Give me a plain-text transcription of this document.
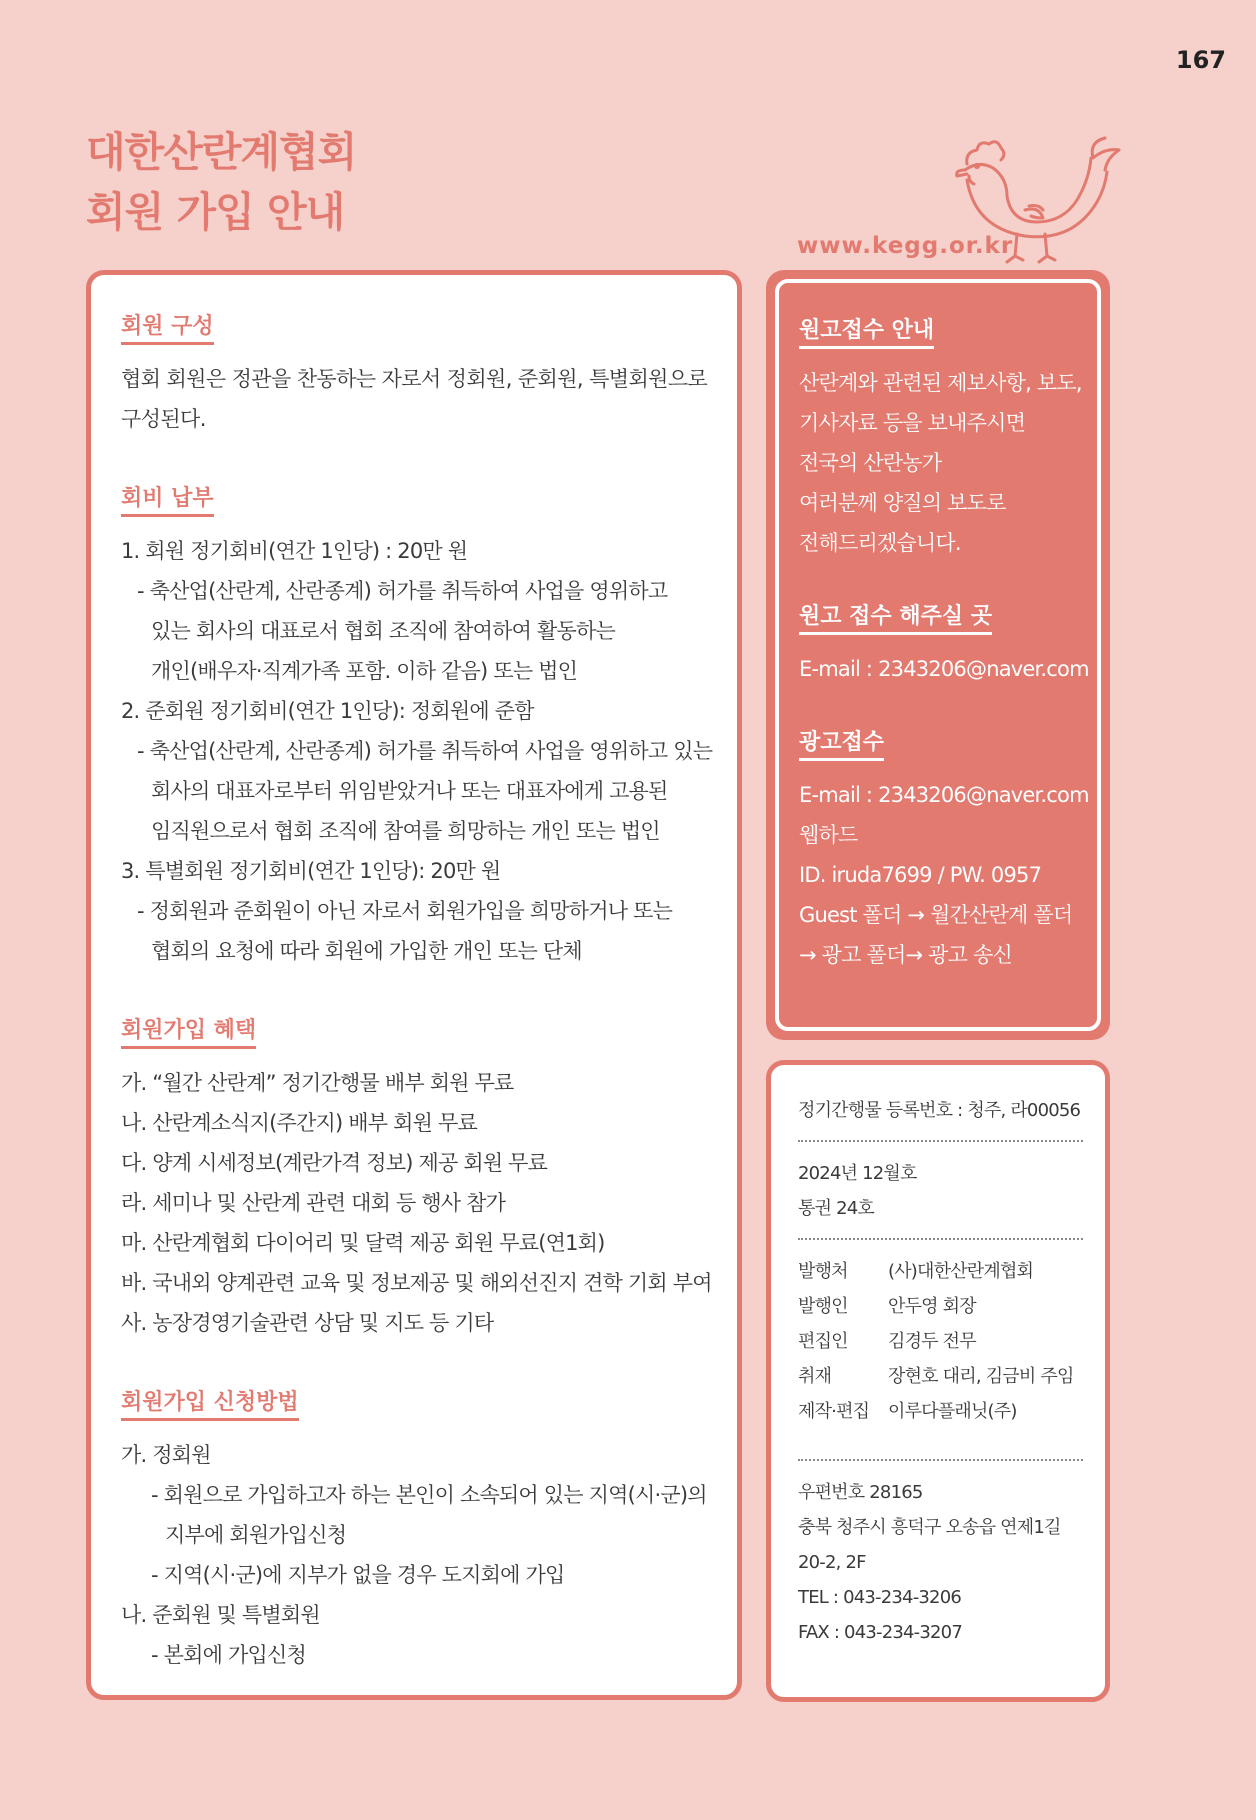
167
대한산란계협회
회원 가입 안내
www.kegg.or.kr
회원 구성

협회 회원은 정관을 찬동하는 자로서 정회원, 준회원, 특별회원으로 구성된다.

회비 납부

1. 회원 정기회비(연간 1인당) : 20만 원

- 축산업(산란계, 산란종계) 허가를 취득하여 사업을 영위하고

있는 회사의 대표로서 협회 조직에 참여하여 활동하는

개인(배우자·직계가족 포함. 이하 같음) 또는 법인

2. 준회원 정기회비(연간 1인당): 정회원에 준함

- 축산업(산란계, 산란종계) 허가를 취득하여 사업을 영위하고 있는

회사의 대표자로부터 위임받았거나 또는 대표자에게 고용된

임직원으로서 협회 조직에 참여를 희망하는 개인 또는 법인

3. 특별회원 정기회비(연간 1인당): 20만 원

- 정회원과 준회원이 아닌 자로서 회원가입을 희망하거나 또는

협회의 요청에 따라 회원에 가입한 개인 또는 단체

회원가입 혜택

가. “월간 산란계” 정기간행물 배부 회원 무료

나. 산란계소식지(주간지) 배부 회원 무료

다. 양계 시세정보(계란가격 정보) 제공 회원 무료

라. 세미나 및 산란계 관련 대회 등 행사 참가

마. 산란계협회 다이어리 및 달력 제공 회원 무료(연1회)

바. 국내외 양계관련 교육 및 정보제공 및 해외선진지 견학 기회 부여

사. 농장경영기술관련 상담 및 지도 등 기타

회원가입 신청방법

가. 정회원

- 회원으로 가입하고자 하는 본인이 소속되어 있는 지역(시·군)의

지부에 회원가입신청

- 지역(시·군)에 지부가 없을 경우 도지회에 가입

나. 준회원 및 특별회원

- 본회에 가입신청

원고접수 안내

산란계와 관련된 제보사항, 보도,

기사자료 등을 보내주시면

전국의 산란농가

여러분께 양질의 보도로

전해드리겠습니다.

원고 접수 해주실 곳

E-mail : 2343206@naver.com

광고접수

E-mail : 2343206@naver.com

웹하드

ID. iruda7699 / PW. 0957

Guest 폴더 → 월간산란계 폴더

→ 광고 폴더→ 광고 송신

정기간행물 등록번호 : 청주, 라00056

2024년 12월호

통권 24호

발행처	(사)대한산란계협회
발행인	안두영 회장
편집인	김경두 전무
취재	장현호 대리, 김금비 주임
제작·편집	이루다플래닛(주)

우편번호 28165

충북 청주시 흥덕구 오송읍 연제1길

20-2, 2F

TEL : 043-234-3206

FAX : 043-234-3207
